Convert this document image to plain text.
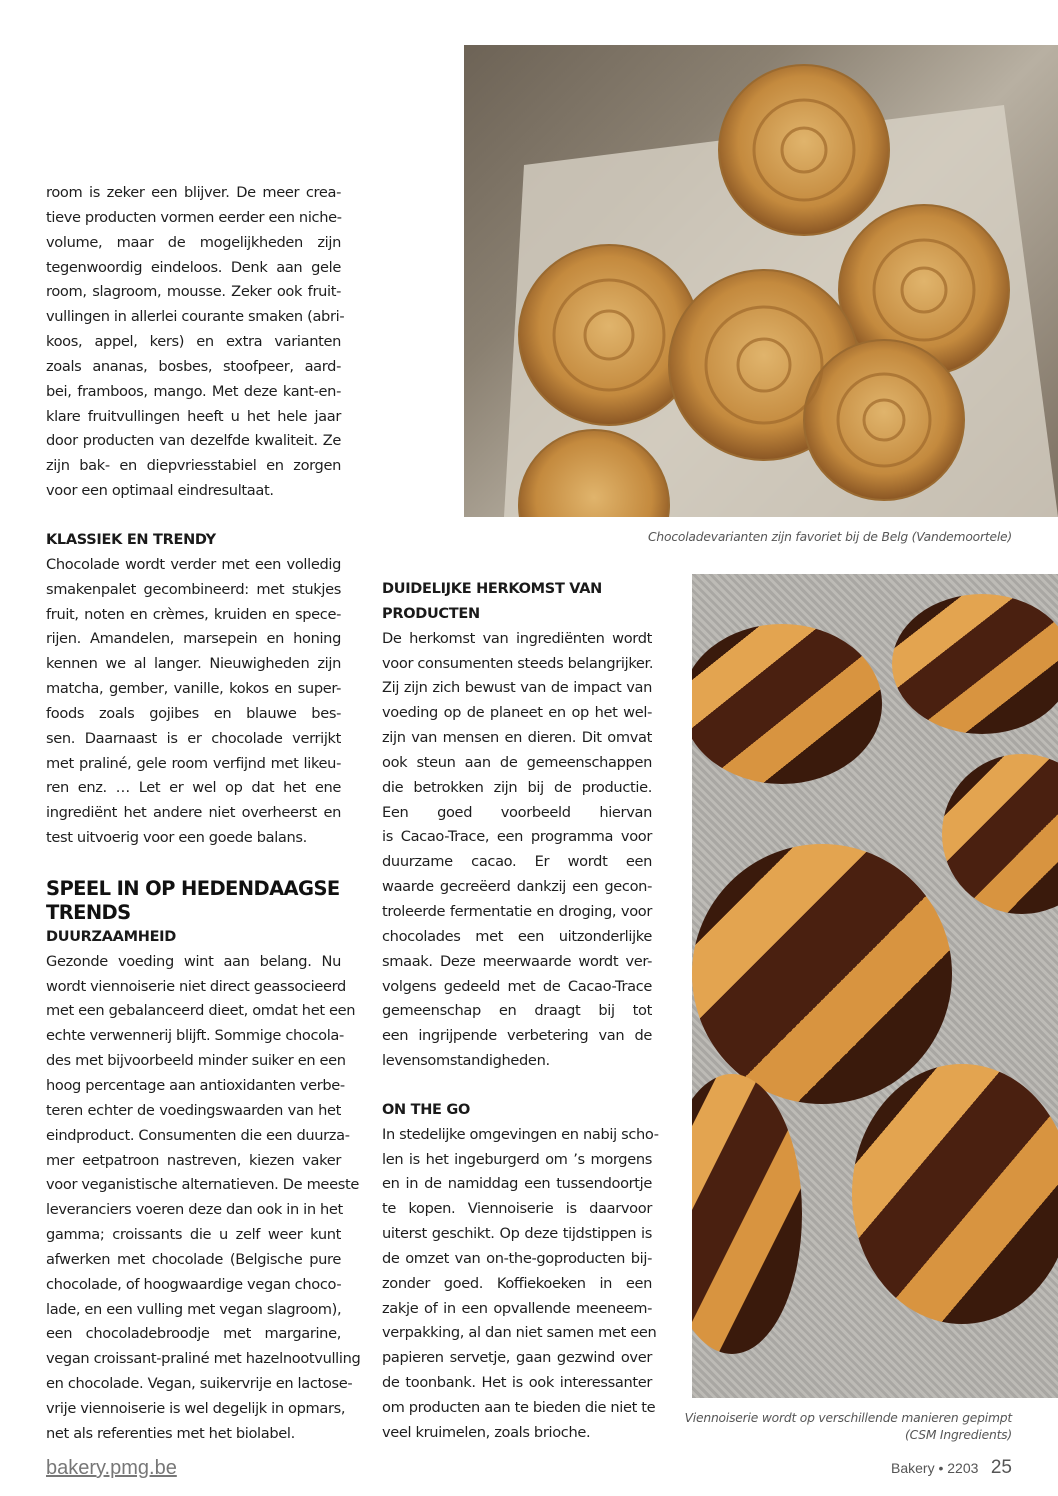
room is zeker een blijver. De meer crea-
tieve producten vormen eerder een niche-
volume, maar de mogelijkheden zijn
tegenwoordig eindeloos. Denk aan gele
room, slagroom, mousse. Zeker ook fruit-
vullingen in allerlei courante smaken (abri-
koos, appel, kers) en extra varianten
zoals ananas, bosbes, stoofpeer, aard-
bei, framboos, mango. Met deze kant-en-
klare fruitvullingen heeft u het hele jaar
door producten van dezelfde kwaliteit. Ze
zijn bak- en diepvriesstabiel en zorgen
voor een optimaal eindresultaat.
KLASSIEK EN TRENDY
Chocolade wordt verder met een volledig
smakenpalet gecombineerd: met stukjes
fruit, noten en crèmes, kruiden en spece-
rijen. Amandelen, marsepein en honing
kennen we al langer. Nieuwigheden zijn
matcha, gember, vanille, kokos en super-
foods zoals gojibes en blauwe bes-
sen. Daarnaast is er chocolade verrijkt
met praliné, gele room verfijnd met likeu-
ren enz. … Let er wel op dat het ene
ingrediënt het andere niet overheerst en
test uitvoerig voor een goede balans.
SPEEL IN OP HEDENDAAGSE
TRENDS
DUURZAAMHEID
Gezonde voeding wint aan belang. Nu
wordt viennoiserie niet direct geassocieerd
met een gebalanceerd dieet, omdat het een
echte verwennerij blijft. Sommige chocola-
des met bijvoorbeeld minder suiker en een
hoog percentage aan antioxidanten verbe-
teren echter de voedingswaarden van het
eindproduct. Consumenten die een duurza-
mer eetpatroon nastreven, kiezen vaker
voor veganistische alternatieven. De meeste
leveranciers voeren deze dan ook in in het
gamma; croissants die u zelf weer kunt
afwerken met chocolade (Belgische pure
chocolade, of hoogwaardige vegan choco-
lade, en een vulling met vegan slagroom),
een chocoladebroodje met margarine,
vegan croissant-praliné met hazelnootvulling
en chocolade. Vegan, suikervrije en lactose-
vrije viennoiserie is wel degelijk in opmars,
net als referenties met het biolabel.
DUIDELIJKE HERKOMST VAN
PRODUCTEN
De herkomst van ingrediënten wordt
voor consumenten steeds belangrijker.
Zij zijn zich bewust van de impact van
voeding op de planeet en op het wel-
zijn van mensen en dieren. Dit omvat
ook steun aan de gemeenschappen
die betrokken zijn bij de productie.
Een goed voorbeeld hiervan
is Cacao-Trace, een programma voor
duurzame cacao. Er wordt een
waarde gecreëerd dankzij een gecon-
troleerde fermentatie en droging, voor
chocolades met een uitzonderlijke
smaak. Deze meerwaarde wordt ver-
volgens gedeeld met de Cacao-Trace
gemeenschap en draagt bij tot
een ingrijpende verbetering van de
levensomstandigheden.
ON THE GO
In stedelijke omgevingen en nabij scho-
len is het ingeburgerd om ’s morgens
en in de namiddag een tussendoortje
te kopen. Viennoiserie is daarvoor
uiterst geschikt. Op deze tijdstippen is
de omzet van on-the-goproducten bij-
zonder goed. Koffiekoeken in een
zakje of in een opvallende meeneem-
verpakking, al dan niet samen met een
papieren servetje, gaan gezwind over
de toonbank. Het is ook interessanter
om producten aan te bieden die niet te
veel kruimelen, zoals brioche.
Chocoladevarianten zijn favoriet bij de Belg (Vandemoortele)
Viennoiserie wordt op verschillende manieren gepimpt
(CSM Ingredients)
bakery.pmg.be	Bakery • 2203 25
